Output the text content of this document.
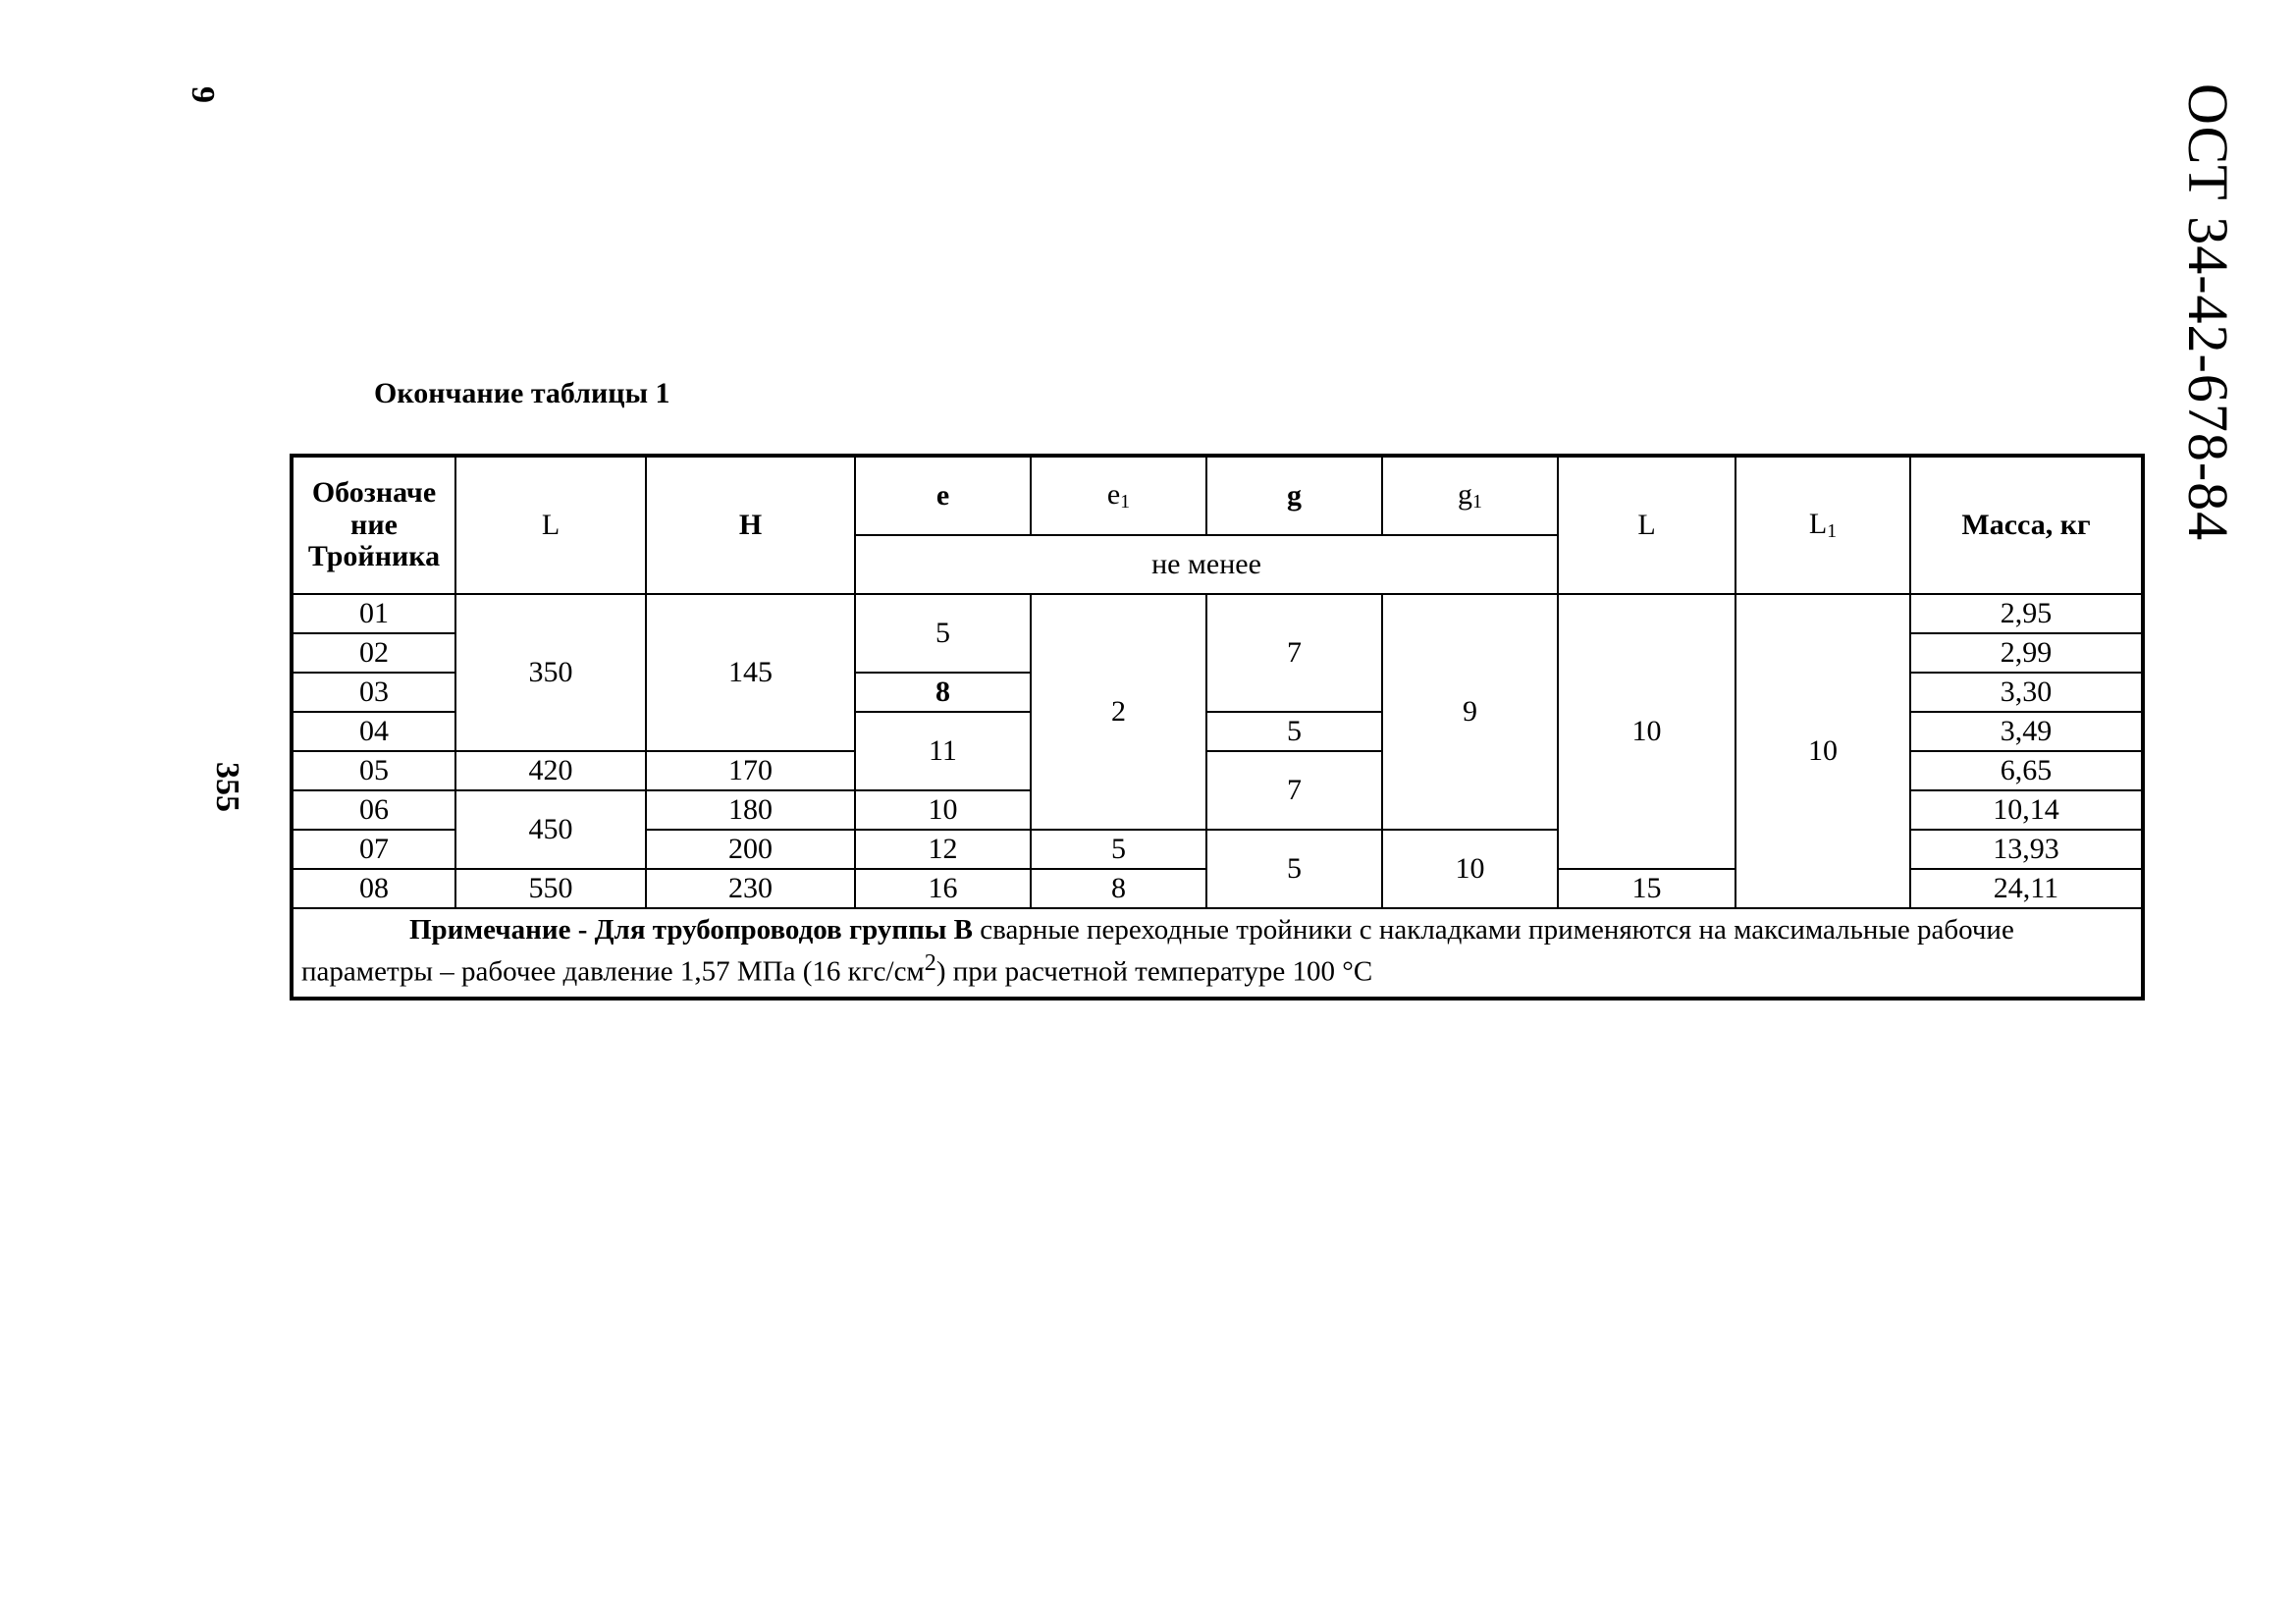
ОСТ 34-42-678-84
9
355
Окончание таблицы 1
Обозначе ние Тройника	L	H	e	$e_1$	g	$g_1$	L	$L_1$	Масса, кг
			не менее						
01	350	145	5	2	7	9	10	10	2,95
02									2,99
03			8						3,30
04			11		5				3,49
05	420	170			7				6,65
06	450	180	10						10,14
07		200	12	5	5	10			13,93
08	550	230	16	8			15		24,11
Примечание - Для трубопроводов группы В сварные переходные тройники с накладками применяются на максимальные рабочие параметры – рабочее давление 1,57 МПа (16 кгс/см$^2$) при расчетной температуре 100 °С									
